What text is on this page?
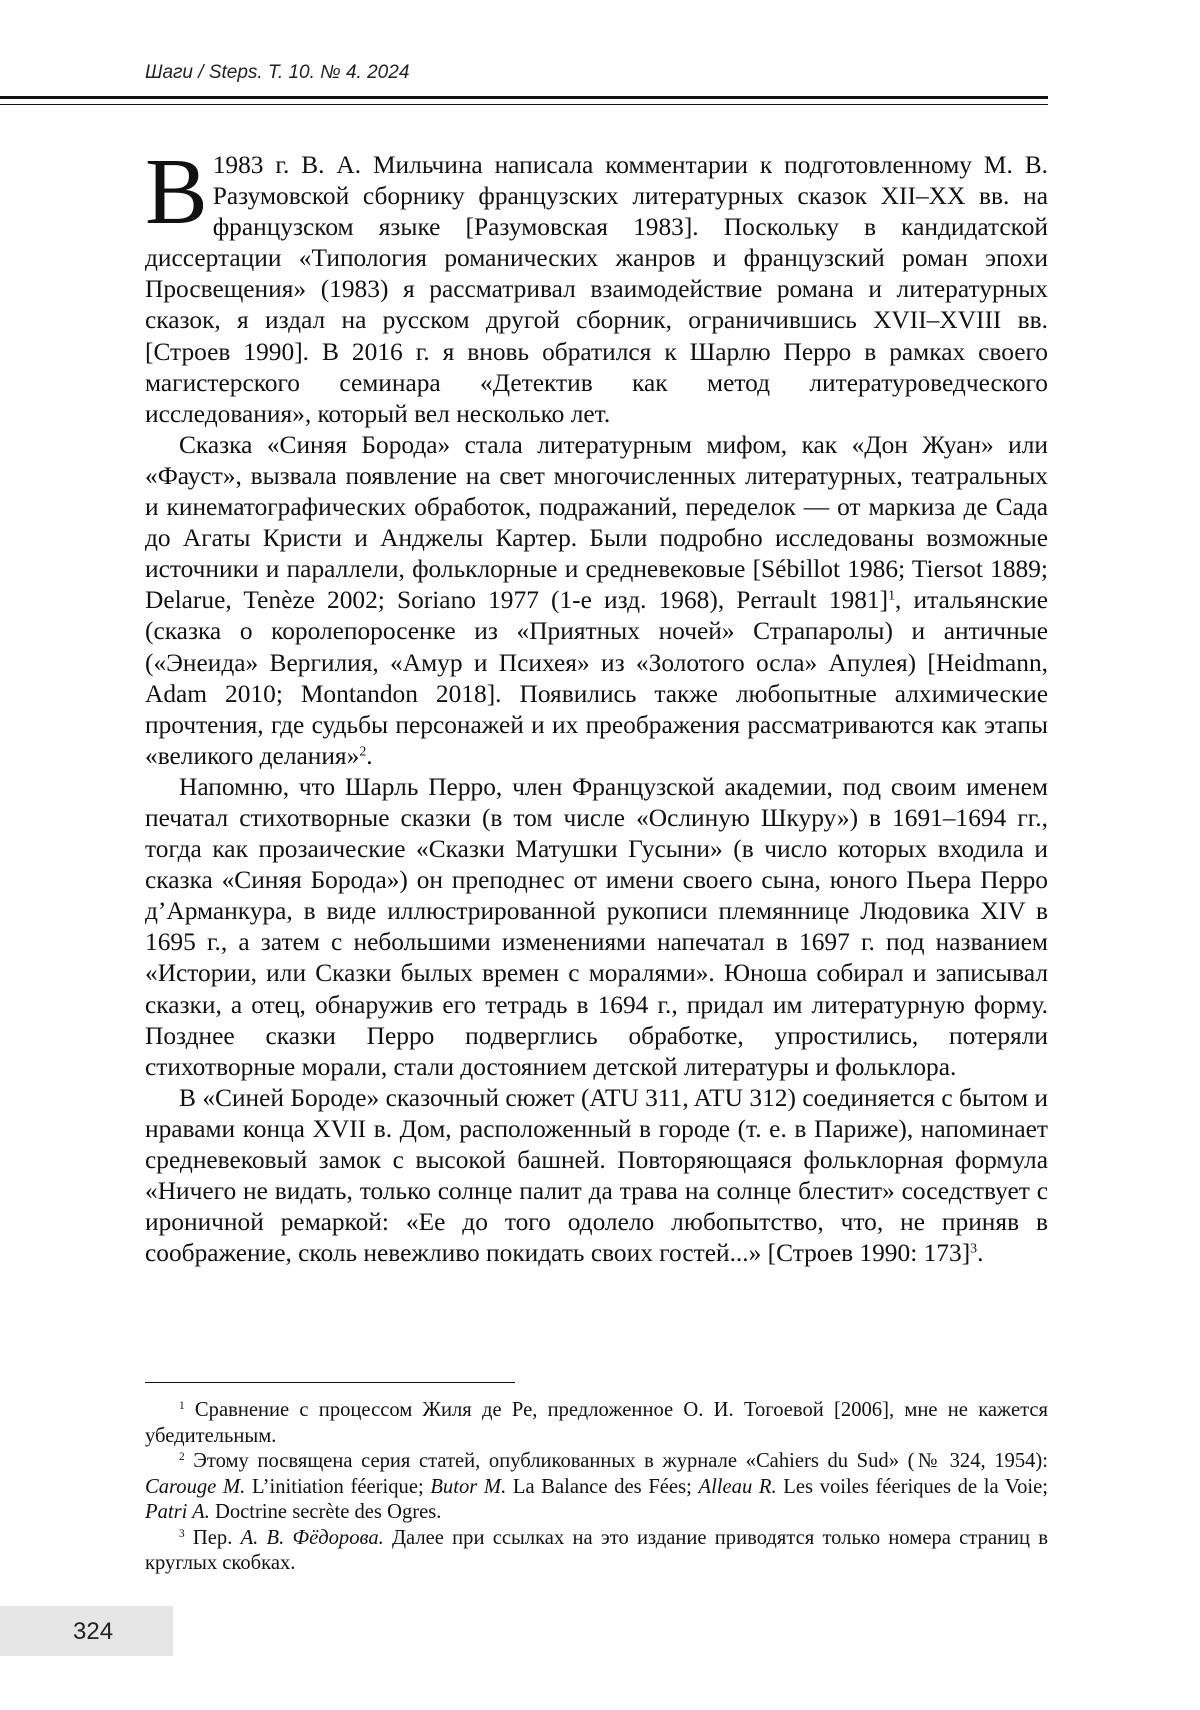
Шаги / Steps. Т. 10. № 4. 2024

В 1983 г. В. А. Мильчина написала комментарии к подготовленному М. В. Разумовской сборнику французских литературных сказок XII–XX вв. на французском языке [Разумовская 1983]. Поскольку в кандидатской диссертации «Типология романических жанров и французский роман эпохи Просвещения» (1983) я рассматривал взаимодействие романа и литературных сказок, я издал на русском другой сборник, ограничившись XVII–XVIII вв. [Строев 1990]. В 2016 г. я вновь обратился к Шарлю Перро в рамках своего магистерского семинара «Детектив как метод литературоведческого исследования», который вел несколько лет.

Сказка «Синяя Борода» стала литературным мифом, как «Дон Жуан» или «Фауст», вызвала появление на свет многочисленных литературных, театральных и кинематографических обработок, подражаний, переделок — от маркиза де Сада до Агаты Кристи и Анджелы Картер. Были подробно исследованы возможные источники и параллели, фольклорные и средневековые [Sébillot 1986; Tiersot 1889; Delarue, Tenèze 2002; Soriano 1977 (1-е изд. 1968), Perrault 1981]1, итальянские (сказка о королепоросенке из «Приятных ночей» Страпаролы) и античные («Энеида» Вергилия, «Амур и Психея» из «Золотого осла» Апулея) [Heidmann, Adam 2010; Montandon 2018]. Появились также любопытные алхимические прочтения, где судьбы персонажей и их преображения рассматриваются как этапы «великого делания»2.

Напомню, что Шарль Перро, член Французской академии, под своим именем печатал стихотворные сказки (в том числе «Ослиную Шкуру») в 1691–1694 гг., тогда как прозаические «Сказки Матушки Гусыни» (в число которых входила и сказка «Синяя Борода») он преподнес от имени своего сына, юного Пьера Перро д’Арманкура, в виде иллюстрированной рукописи племяннице Людовика XIV в 1695 г., а затем с небольшими изменениями напечатал в 1697 г. под названием «Истории, или Сказки былых времен с моралями». Юноша собирал и записывал сказки, а отец, обнаружив его тетрадь в 1694 г., придал им литературную форму. Позднее сказки Перро подверглись обработке, упростились, потеряли стихотворные морали, стали достоянием детской литературы и фольклора.

В «Синей Бороде» сказочный сюжет (ATU 311, ATU 312) соединяется с бытом и нравами конца XVII в. Дом, расположенный в городе (т. е. в Париже), напоминает средневековый замок с высокой башней. Повторяющаяся фольклорная формула «Ничего не видать, только солнце палит да трава на солнце блестит» соседствует с ироничной ремаркой: «Ее до того одолело любопытство, что, не приняв в соображение, сколь невежливо покидать своих гостей...» [Строев 1990: 173]3.

1 Сравнение с процессом Жиля де Ре, предложенное О. И. Тогоевой [2006], мне не кажется убедительным.

2 Этому посвящена серия статей, опубликованных в журнале «Cahiers du Sud» (№ 324, 1954): Carouge M. L’initiation féerique; Butor M. La Balance des Fées; Alleau R. Les voiles féeriques de la Voie; Patri A. Doctrine secrète des Ogres.

3 Пер. А. В. Фёдорова. Далее при ссылках на это издание приводятся только номера страниц в круглых скобках.

324
